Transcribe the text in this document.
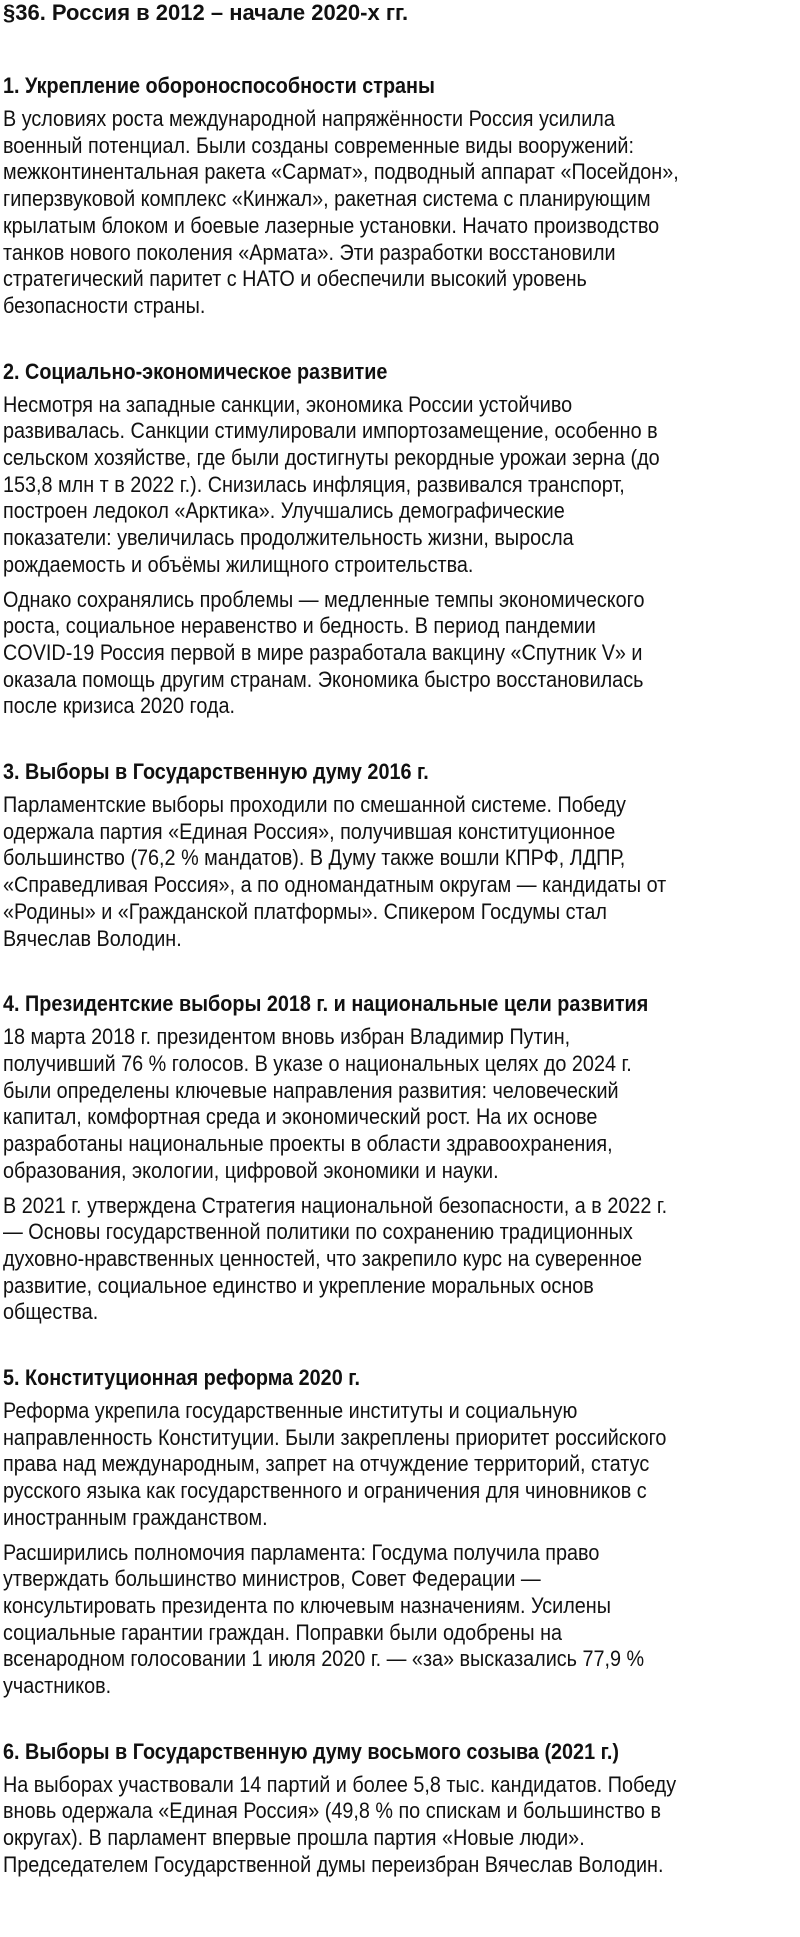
§36. Россия в 2012 – начале 2020-х гг.
1. Укрепление обороноспособности страны
В условиях роста международной напряжённости Россия усилила
военный потенциал. Были созданы современные виды вооружений:
межконтинентальная ракета «Сармат», подводный аппарат «Посейдон»,
гиперзвуковой комплекс «Кинжал», ракетная система с планирующим
крылатым блоком и боевые лазерные установки. Начато производство
танков нового поколения «Армата». Эти разработки восстановили
стратегический паритет с НАТО и обеспечили высокий уровень
безопасности страны.
2. Социально-экономическое развитие
Несмотря на западные санкции, экономика России устойчиво
развивалась. Санкции стимулировали импортозамещение, особенно в
сельском хозяйстве, где были достигнуты рекордные урожаи зерна (до
153,8 млн т в 2022 г.). Снизилась инфляция, развивался транспорт,
построен ледокол «Арктика». Улучшались демографические
показатели: увеличилась продолжительность жизни, выросла
рождаемость и объёмы жилищного строительства.
Однако сохранялись проблемы — медленные темпы экономического
роста, социальное неравенство и бедность. В период пандемии
COVID-19 Россия первой в мире разработала вакцину «Спутник V» и
оказала помощь другим странам. Экономика быстро восстановилась
после кризиса 2020 года.
3. Выборы в Государственную думу 2016 г.
Парламентские выборы проходили по смешанной системе. Победу
одержала партия «Единая Россия», получившая конституционное
большинство (76,2 % мандатов). В Думу также вошли КПРФ, ЛДПР,
«Справедливая Россия», а по одномандатным округам — кандидаты от
«Родины» и «Гражданской платформы». Спикером Госдумы стал
Вячеслав Володин.
4. Президентские выборы 2018 г. и национальные цели развития
18 марта 2018 г. президентом вновь избран Владимир Путин,
получивший 76 % голосов. В указе о национальных целях до 2024 г.
были определены ключевые направления развития: человеческий
капитал, комфортная среда и экономический рост. На их основе
разработаны национальные проекты в области здравоохранения,
образования, экологии, цифровой экономики и науки.
В 2021 г. утверждена Стратегия национальной безопасности, а в 2022 г.
— Основы государственной политики по сохранению традиционных
духовно-нравственных ценностей, что закрепило курс на суверенное
развитие, социальное единство и укрепление моральных основ
общества.
5. Конституционная реформа 2020 г.
Реформа укрепила государственные институты и социальную
направленность Конституции. Были закреплены приоритет российского
права над международным, запрет на отчуждение территорий, статус
русского языка как государственного и ограничения для чиновников с
иностранным гражданством.
Расширились полномочия парламента: Госдума получила право
утверждать большинство министров, Совет Федерации —
консультировать президента по ключевым назначениям. Усилены
социальные гарантии граждан. Поправки были одобрены на
всенародном голосовании 1 июля 2020 г. — «за» высказались 77,9 %
участников.
6. Выборы в Государственную думу восьмого созыва (2021 г.)
На выборах участвовали 14 партий и более 5,8 тыс. кандидатов. Победу
вновь одержала «Единая Россия» (49,8 % по спискам и большинство в
округах). В парламент впервые прошла партия «Новые люди».
Председателем Государственной думы переизбран Вячеслав Володин.
